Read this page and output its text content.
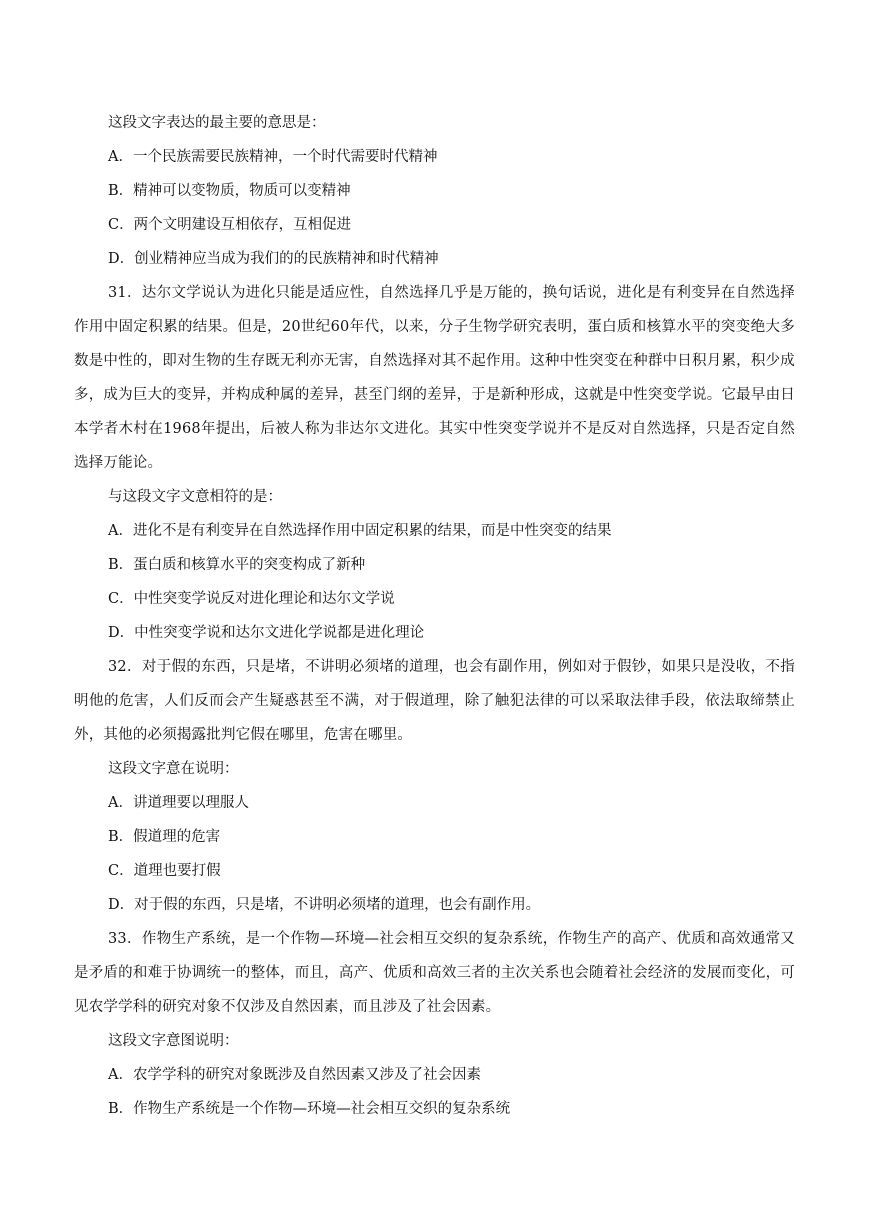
这段文字表达的最主要的意思是：
A．一个民族需要民族精神，一个时代需要时代精神
B．精神可以变物质，物质可以变精神
C．两个文明建设互相依存，互相促进
D．创业精神应当成为我们的的民族精神和时代精神

31．达尔文学说认为进化只能是适应性，自然选择几乎是万能的，换句话说，进化是有利变异在自然选择作用中固定积累的结果。但是，20世纪60年代，以来，分子生物学研究表明，蛋白质和核算水平的突变绝大多数是中性的，即对生物的生存既无利亦无害，自然选择对其不起作用。这种中性突变在种群中日积月累，积少成多，成为巨大的变异，并构成种属的差异，甚至门纲的差异，于是新种形成，这就是中性突变学说。它最早由日本学者木村在1968年提出，后被人称为非达尔文进化。其实中性突变学说并不是反对自然选择，只是否定自然选择万能论。

与这段文字文意相符的是：
A．进化不是有利变异在自然选择作用中固定积累的结果，而是中性突变的结果
B．蛋白质和核算水平的突变构成了新种
C．中性突变学说反对进化理论和达尔文学说
D．中性突变学说和达尔文进化学说都是进化理论

32．对于假的东西，只是堵，不讲明必须堵的道理，也会有副作用，例如对于假钞，如果只是没收，不指明他的危害，人们反而会产生疑惑甚至不满，对于假道理，除了触犯法律的可以采取法律手段，依法取缔禁止外，其他的必须揭露批判它假在哪里，危害在哪里。

这段文字意在说明：
A．讲道理要以理服人
B．假道理的危害
C．道理也要打假
D．对于假的东西，只是堵，不讲明必须堵的道理，也会有副作用。

33．作物生产系统，是一个作物—环境—社会相互交织的复杂系统，作物生产的高产、优质和高效通常又是矛盾的和难于协调统一的整体，而且，高产、优质和高效三者的主次关系也会随着社会经济的发展而变化，可见农学学科的研究对象不仅涉及自然因素，而且涉及了社会因素。

这段文字意图说明：
A．农学学科的研究对象既涉及自然因素又涉及了社会因素
B．作物生产系统是一个作物—环境—社会相互交织的复杂系统
